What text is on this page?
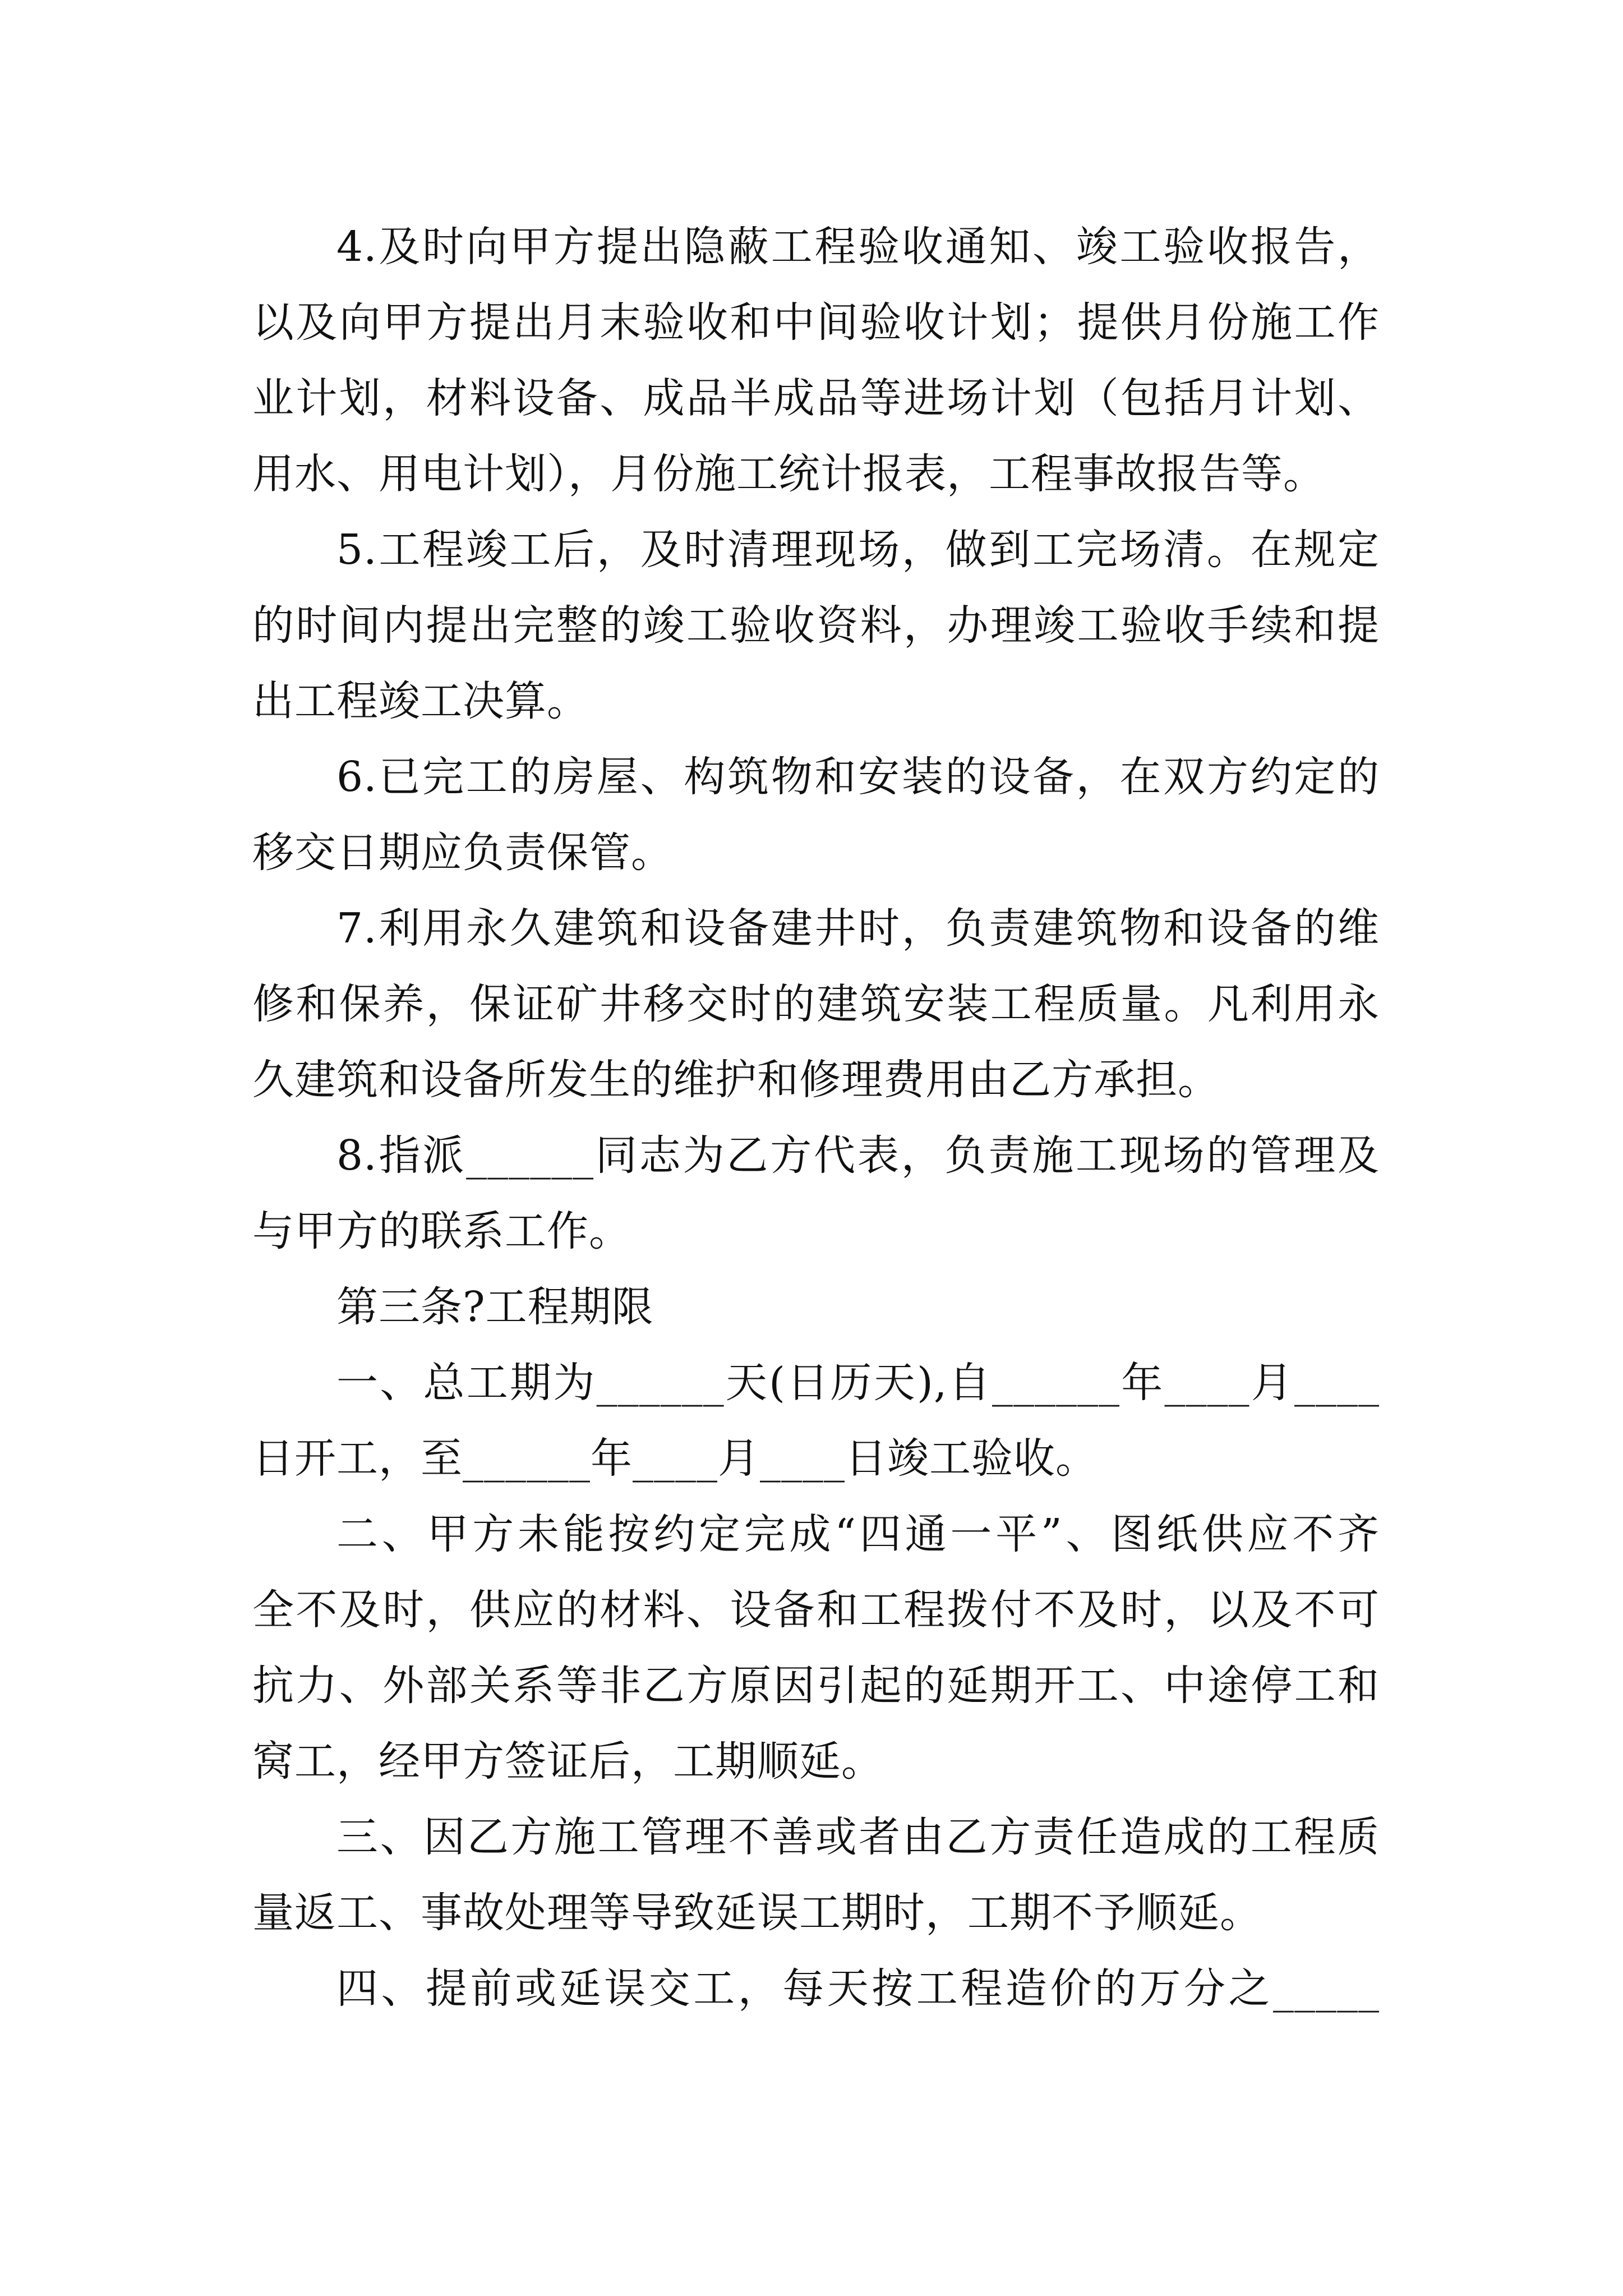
4.及时向甲方提出隐蔽工程验收通知、竣工验收报告，
以及向甲方提出月末验收和中间验收计划；提供月份施工作
业计划，材料设备、成品半成品等进场计划（包括月计划、
用水、用电计划），月份施工统计报表，工程事故报告等。
5.工程竣工后，及时清理现场，做到工完场清。在规定
的时间内提出完整的竣工验收资料，办理竣工验收手续和提
出工程竣工决算。
6.已完工的房屋、构筑物和安装的设备，在双方约定的
移交日期应负责保管。
7.利用永久建筑和设备建井时，负责建筑物和设备的维
修和保养，保证矿井移交时的建筑安装工程质量。凡利用永
久建筑和设备所发生的维护和修理费用由乙方承担。
8.指派______同志为乙方代表，负责施工现场的管理及
与甲方的联系工作。
第三条?工程期限
一、总工期为______天(日历天),自______年____月____
日开工，至______年____月____日竣工验收。
二、甲方未能按约定完成“四通一平”、图纸供应不齐
全不及时，供应的材料、设备和工程拨付不及时，以及不可
抗力、外部关系等非乙方原因引起的延期开工、中途停工和
窝工，经甲方签证后，工期顺延。
三、因乙方施工管理不善或者由乙方责任造成的工程质
量返工、事故处理等导致延误工期时，工期不予顺延。
四、提前或延误交工，每天按工程造价的万分之_____
